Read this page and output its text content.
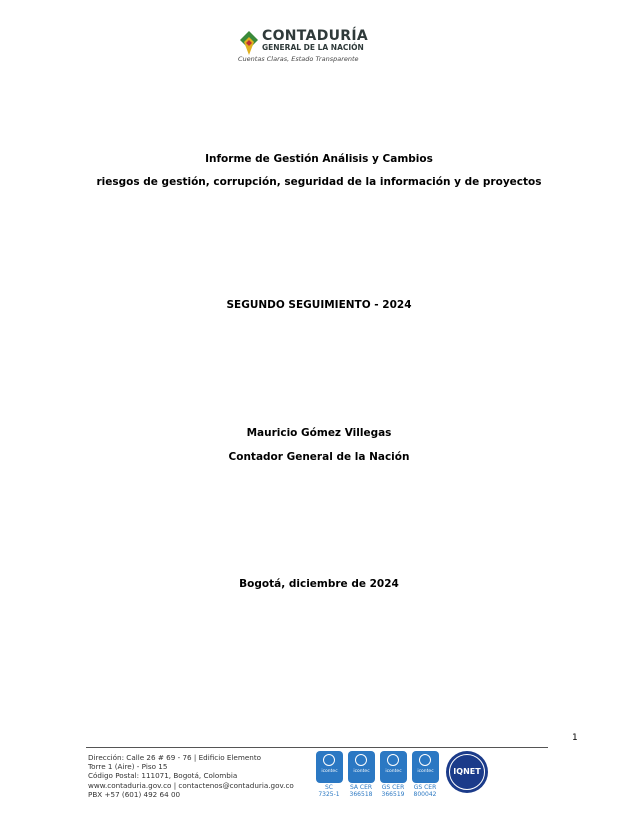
CONTADURÍA
GENERAL DE LA NACIÓN
Cuentas Claras, Estado Transparente
Informe de Gestión Análisis y Cambios
riesgos de gestión, corrupción, seguridad de la información y de proyectos
SEGUNDO SEGUIMIENTO - 2024
Mauricio Gómez Villegas
Contador General de la Nación
Bogotá, diciembre de 2024
1
Dirección: Calle 26 # 69 - 76 | Edificio Elemento
Torre 1 (Aire) - Piso 15
Código Postal: 111071, Bogotá, Colombia
www.contaduria.gov.co | contactenos@contaduria.gov.co
PBX +57 (601) 492 64 00
icontec
SC
7325-1
icontec
SA CER
366518
icontec
GS CER
366519
icontec
GS CER
800042
IQNET
